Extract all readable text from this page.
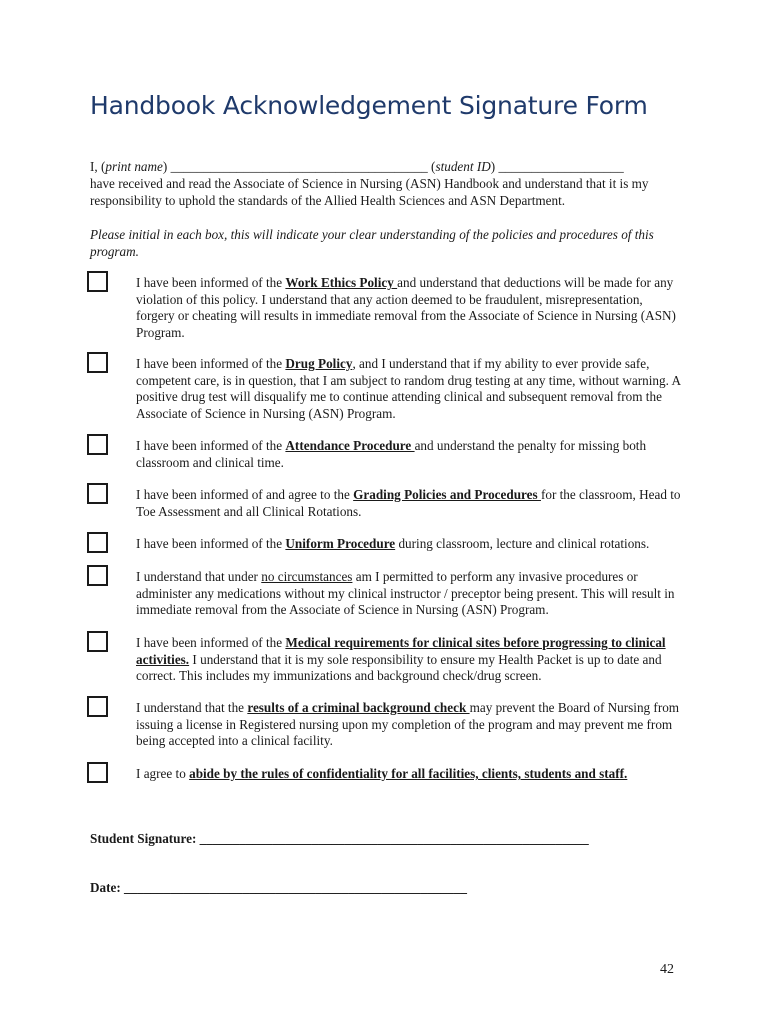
Handbook Acknowledgement Signature Form
I, (print name) _______________________________________ (student ID) ___________________
have received and read the Associate of Science in Nursing (ASN) Handbook and understand that it is my responsibility to uphold the standards of the Allied Health Sciences and ASN Department.
Please initial in each box, this will indicate your clear understanding of the policies and procedures of this program.
I have been informed of the Work Ethics Policy and understand that deductions will be made for any violation of this policy. I understand that any action deemed to be fraudulent, misrepresentation, forgery or cheating will results in immediate removal from the Associate of Science in Nursing (ASN) Program.
I have been informed of the Drug Policy, and I understand that if my ability to ever provide safe, competent care, is in question, that I am subject to random drug testing at any time, without warning. A positive drug test will disqualify me to continue attending clinical and subsequent removal from the Associate of Science in Nursing (ASN) Program.
I have been informed of the Attendance Procedure and understand the penalty for missing both classroom and clinical time.
I have been informed of and agree to the Grading Policies and Procedures for the classroom, Head to Toe Assessment and all Clinical Rotations.
I have been informed of the Uniform Procedure during classroom, lecture and clinical rotations.
I understand that under no circumstances am I permitted to perform any invasive procedures or administer any medications without my clinical instructor / preceptor being present. This will result in immediate removal from the Associate of Science in Nursing (ASN) Program.
I have been informed of the Medical requirements for clinical sites before progressing to clinical activities. I understand that it is my sole responsibility to ensure my Health Packet is up to date and correct. This includes my immunizations and background check/drug screen.
I understand that the results of a criminal background check may prevent the Board of Nursing from issuing a license in Registered nursing upon my completion of the program and may prevent me from being accepted into a clinical facility.
I agree to abide by the rules of confidentiality for all facilities, clients, students and staff.
Student Signature: ___________________________________________________________
Date: ____________________________________________________
42
